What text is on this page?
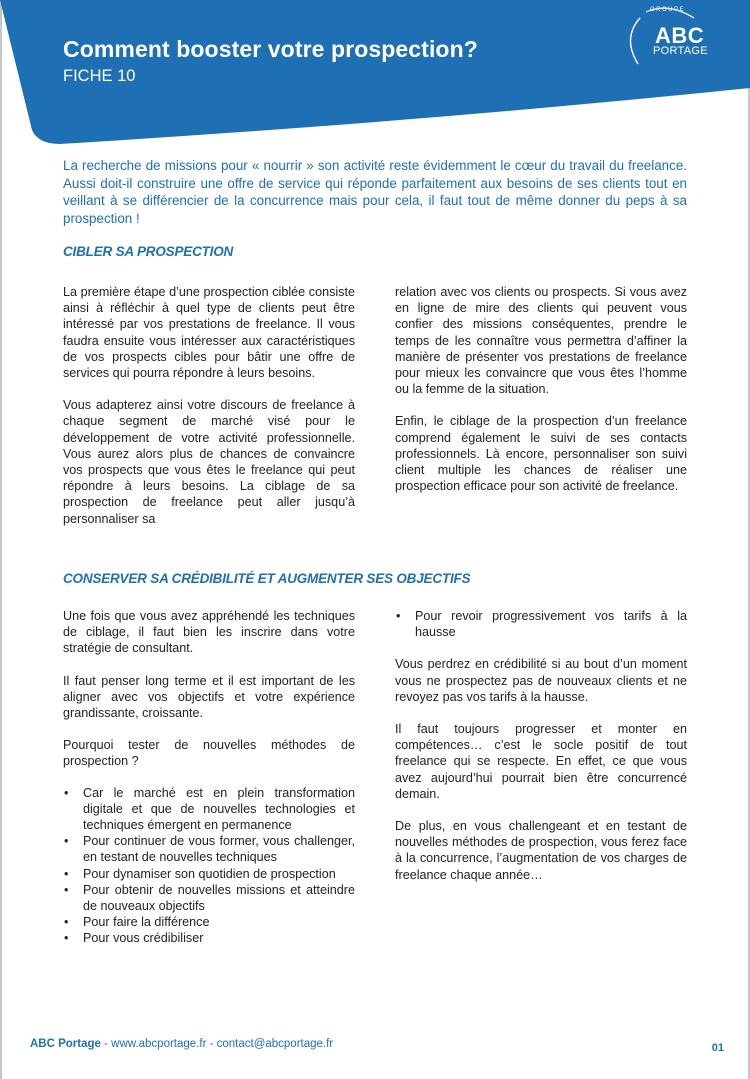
Comment booster votre prospection?
FICHE 10
GROUPE
ABC
PORTAGE

La recherche de missions pour « nourrir » son activité reste évidemment le cœur du travail du freelance. Aussi doit-il construire une offre de service qui réponde parfaitement aux besoins de ses clients tout en veillant à se différencier de la concurrence mais pour cela, il faut tout de même donner du peps à sa prospection !

CIBLER SA PROSPECTION

La première étape d’une prospection ciblée consiste ainsi à réfléchir à quel type de clients peut être intéressé par vos prestations de freelance. Il vous faudra ensuite vous intéresser aux caractéristiques de vos prospects cibles pour bâtir une offre de services qui pourra répondre à leurs besoins.

Vous adapterez ainsi votre discours de freelance à chaque segment de marché visé pour le développement de votre activité professionnelle. Vous aurez alors plus de chances de convaincre vos prospects que vous êtes le freelance qui peut répondre à leurs besoins. La ciblage de sa prospection de freelance peut aller jusqu’à personnaliser sa

relation avec vos clients ou prospects. Si vous avez en ligne de mire des clients qui peuvent vous confier des missions conséquentes, prendre le temps de les connaître vous permettra d’affiner la manière de présenter vos prestations de freelance pour mieux les convaincre que vous êtes l’homme ou la femme de la situation.

Enfin, le ciblage de la prospection d’un freelance comprend également le suivi de ses contacts professionnels. Là encore, personnaliser son suivi client multiple les chances de réaliser une prospection efficace pour son activité de freelance.

CONSERVER SA CRÉDIBILITÉ ET AUGMENTER SES OBJECTIFS

Une fois que vous avez appréhendé les techniques de ciblage, il faut bien les inscrire dans votre stratégie de consultant.

Il faut penser long terme et il est important de les aligner avec vos objectifs et votre expérience grandissante, croissante.

Pourquoi tester de nouvelles méthodes de prospection ?

• Car le marché est en plein transformation digitale et que de nouvelles technologies et techniques émergent en permanence
• Pour continuer de vous former, vous challenger, en testant de nouvelles techniques
• Pour dynamiser son quotidien de prospection
• Pour obtenir de nouvelles missions et atteindre de nouveaux objectifs
• Pour faire la différence
• Pour vous crédibiliser
• Pour revoir progressivement vos tarifs à la hausse

Vous perdrez en crédibilité si au bout d’un moment vous ne prospectez pas de nouveaux clients et ne revoyez pas vos tarifs à la hausse.

Il faut toujours progresser et monter en compétences… c’est le socle positif de tout freelance qui se respecte. En effet, ce que vous avez aujourd’hui pourrait bien être concurrencé demain.

De plus, en vous challengeant et en testant de nouvelles méthodes de prospection, vous ferez face à la concurrence, l’augmentation de vos charges de freelance chaque année…

ABC Portage - www.abcportage.fr - contact@abcportage.fr	01
